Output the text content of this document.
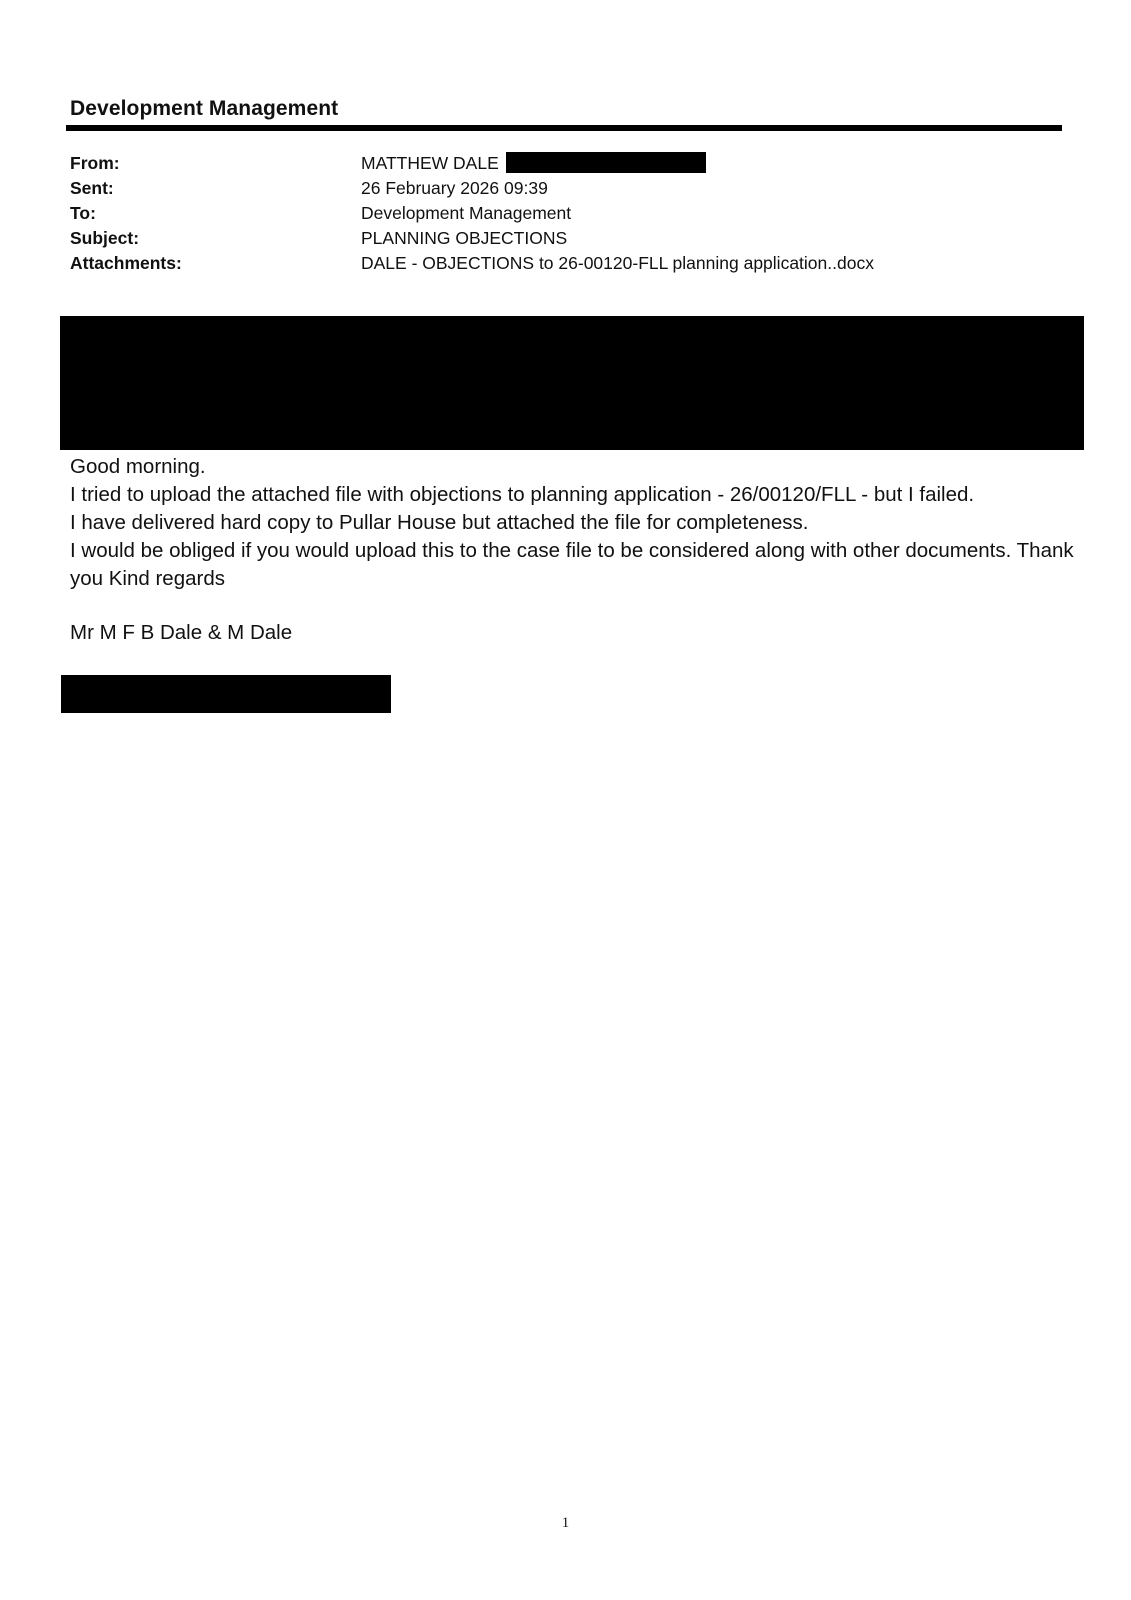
Development Management
From:	MATTHEW DALE
Sent:	26 February 2026 09:39
To:	Development Management
Subject:	PLANNING OBJECTIONS
Attachments:	DALE - OBJECTIONS to 26-00120-FLL planning application..docx

Good morning.

I tried to upload the attached file with objections to planning application - 26/00120/FLL - but I failed.

I have delivered hard copy to Pullar House but attached the file for completeness.

I would be obliged if you would upload this to the case file to be considered along with other documents. Thank you Kind regards

Mr M F B Dale & M Dale
1
